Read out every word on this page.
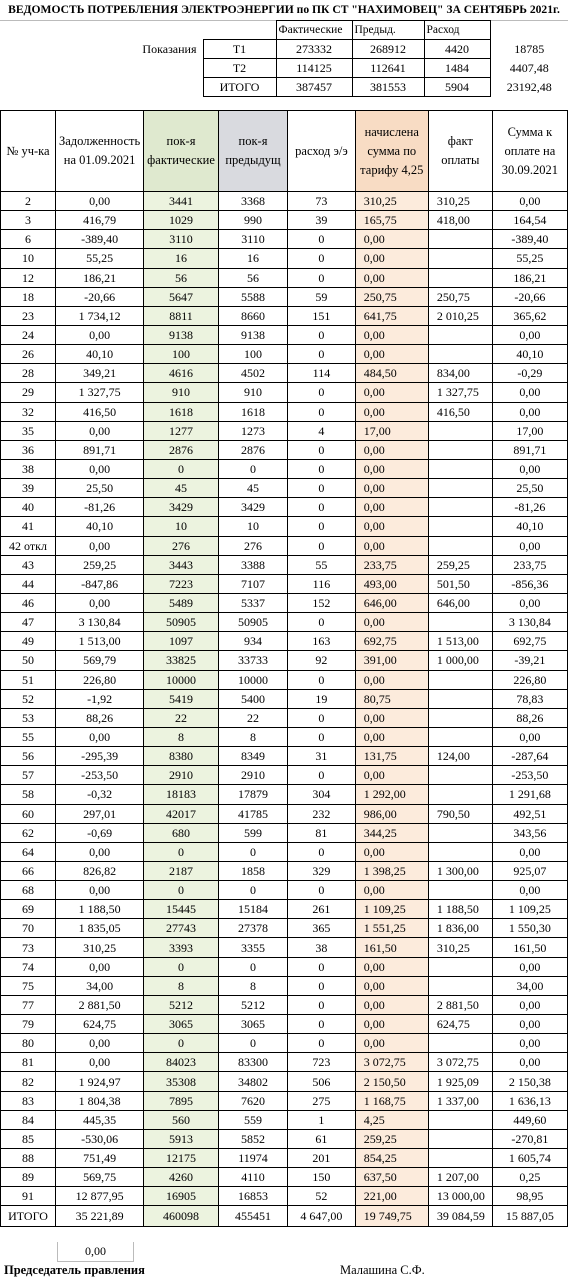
ВЕДОМОСТЬ ПОТРЕБЛЕНИЯ ЭЛЕКТРОЭНЕРГИИ по ПК СТ "НАХИМОВЕЦ" ЗА СЕНТЯБРЬ 2021г.
		Фактические	Предыд.	Расход	
Показания	Т1	273332	268912	4420	18785
	Т2	114125	112641	1484	4407,48
	ИТОГО	387457	381553	5904	23192,48
№ уч-ка	Задолженность на 01.09.2021	пок-я фактические	пок-я предыдущ	расход э/э	начислена сумма по тарифу 4,25	факт оплаты	Сумма к оплате на 30.09.2021
2	0,00	3441	3368	73	310,25	310,25	0,00
3	416,79	1029	990	39	165,75	418,00	164,54
6	-389,40	3110	3110	0	0,00		-389,40
10	55,25	16	16	0	0,00		55,25
12	186,21	56	56	0	0,00		186,21
18	-20,66	5647	5588	59	250,75	250,75	-20,66
23	1 734,12	8811	8660	151	641,75	2 010,25	365,62
24	0,00	9138	9138	0	0,00		0,00
26	40,10	100	100	0	0,00		40,10
28	349,21	4616	4502	114	484,50	834,00	-0,29
29	1 327,75	910	910	0	0,00	1 327,75	0,00
32	416,50	1618	1618	0	0,00	416,50	0,00
35	0,00	1277	1273	4	17,00		17,00
36	891,71	2876	2876	0	0,00		891,71
38	0,00	0	0	0	0,00		0,00
39	25,50	45	45	0	0,00		25,50
40	-81,26	3429	3429	0	0,00		-81,26
41	40,10	10	10	0	0,00		40,10
42 откл	0,00	276	276	0	0,00		0,00
43	259,25	3443	3388	55	233,75	259,25	233,75
44	-847,86	7223	7107	116	493,00	501,50	-856,36
46	0,00	5489	5337	152	646,00	646,00	0,00
47	3 130,84	50905	50905	0	0,00		3 130,84
49	1 513,00	1097	934	163	692,75	1 513,00	692,75
50	569,79	33825	33733	92	391,00	1 000,00	-39,21
51	226,80	10000	10000	0	0,00		226,80
52	-1,92	5419	5400	19	80,75		78,83
53	88,26	22	22	0	0,00		88,26
55	0,00	8	8	0	0,00		0,00
56	-295,39	8380	8349	31	131,75	124,00	-287,64
57	-253,50	2910	2910	0	0,00		-253,50
58	-0,32	18183	17879	304	1 292,00		1 291,68
60	297,01	42017	41785	232	986,00	790,50	492,51
62	-0,69	680	599	81	344,25		343,56
64	0,00	0	0	0	0,00		0,00
66	826,82	2187	1858	329	1 398,25	1 300,00	925,07
68	0,00	0	0	0	0,00		0,00
69	1 188,50	15445	15184	261	1 109,25	1 188,50	1 109,25
70	1 835,05	27743	27378	365	1 551,25	1 836,00	1 550,30
73	310,25	3393	3355	38	161,50	310,25	161,50
74	0,00	0	0	0	0,00		0,00
75	34,00	8	8	0	0,00		34,00
77	2 881,50	5212	5212	0	0,00	2 881,50	0,00
79	624,75	3065	3065	0	0,00	624,75	0,00
80	0,00	0	0	0	0,00		0,00
81	0,00	84023	83300	723	3 072,75	3 072,75	0,00
82	1 924,97	35308	34802	506	2 150,50	1 925,09	2 150,38
83	1 804,38	7895	7620	275	1 168,75	1 337,00	1 636,13
84	445,35	560	559	1	4,25		449,60
85	-530,06	5913	5852	61	259,25		-270,81
88	751,49	12175	11974	201	854,25		1 605,74
89	569,75	4260	4110	150	637,50	1 207,00	0,25
91	12 877,95	16905	16853	52	221,00	13 000,00	98,95
ИТОГО	35 221,89	460098	455451	4 647,00	19 749,75	39 084,59	15 887,05
0,00
Председатель правления	Малашина С.Ф.
